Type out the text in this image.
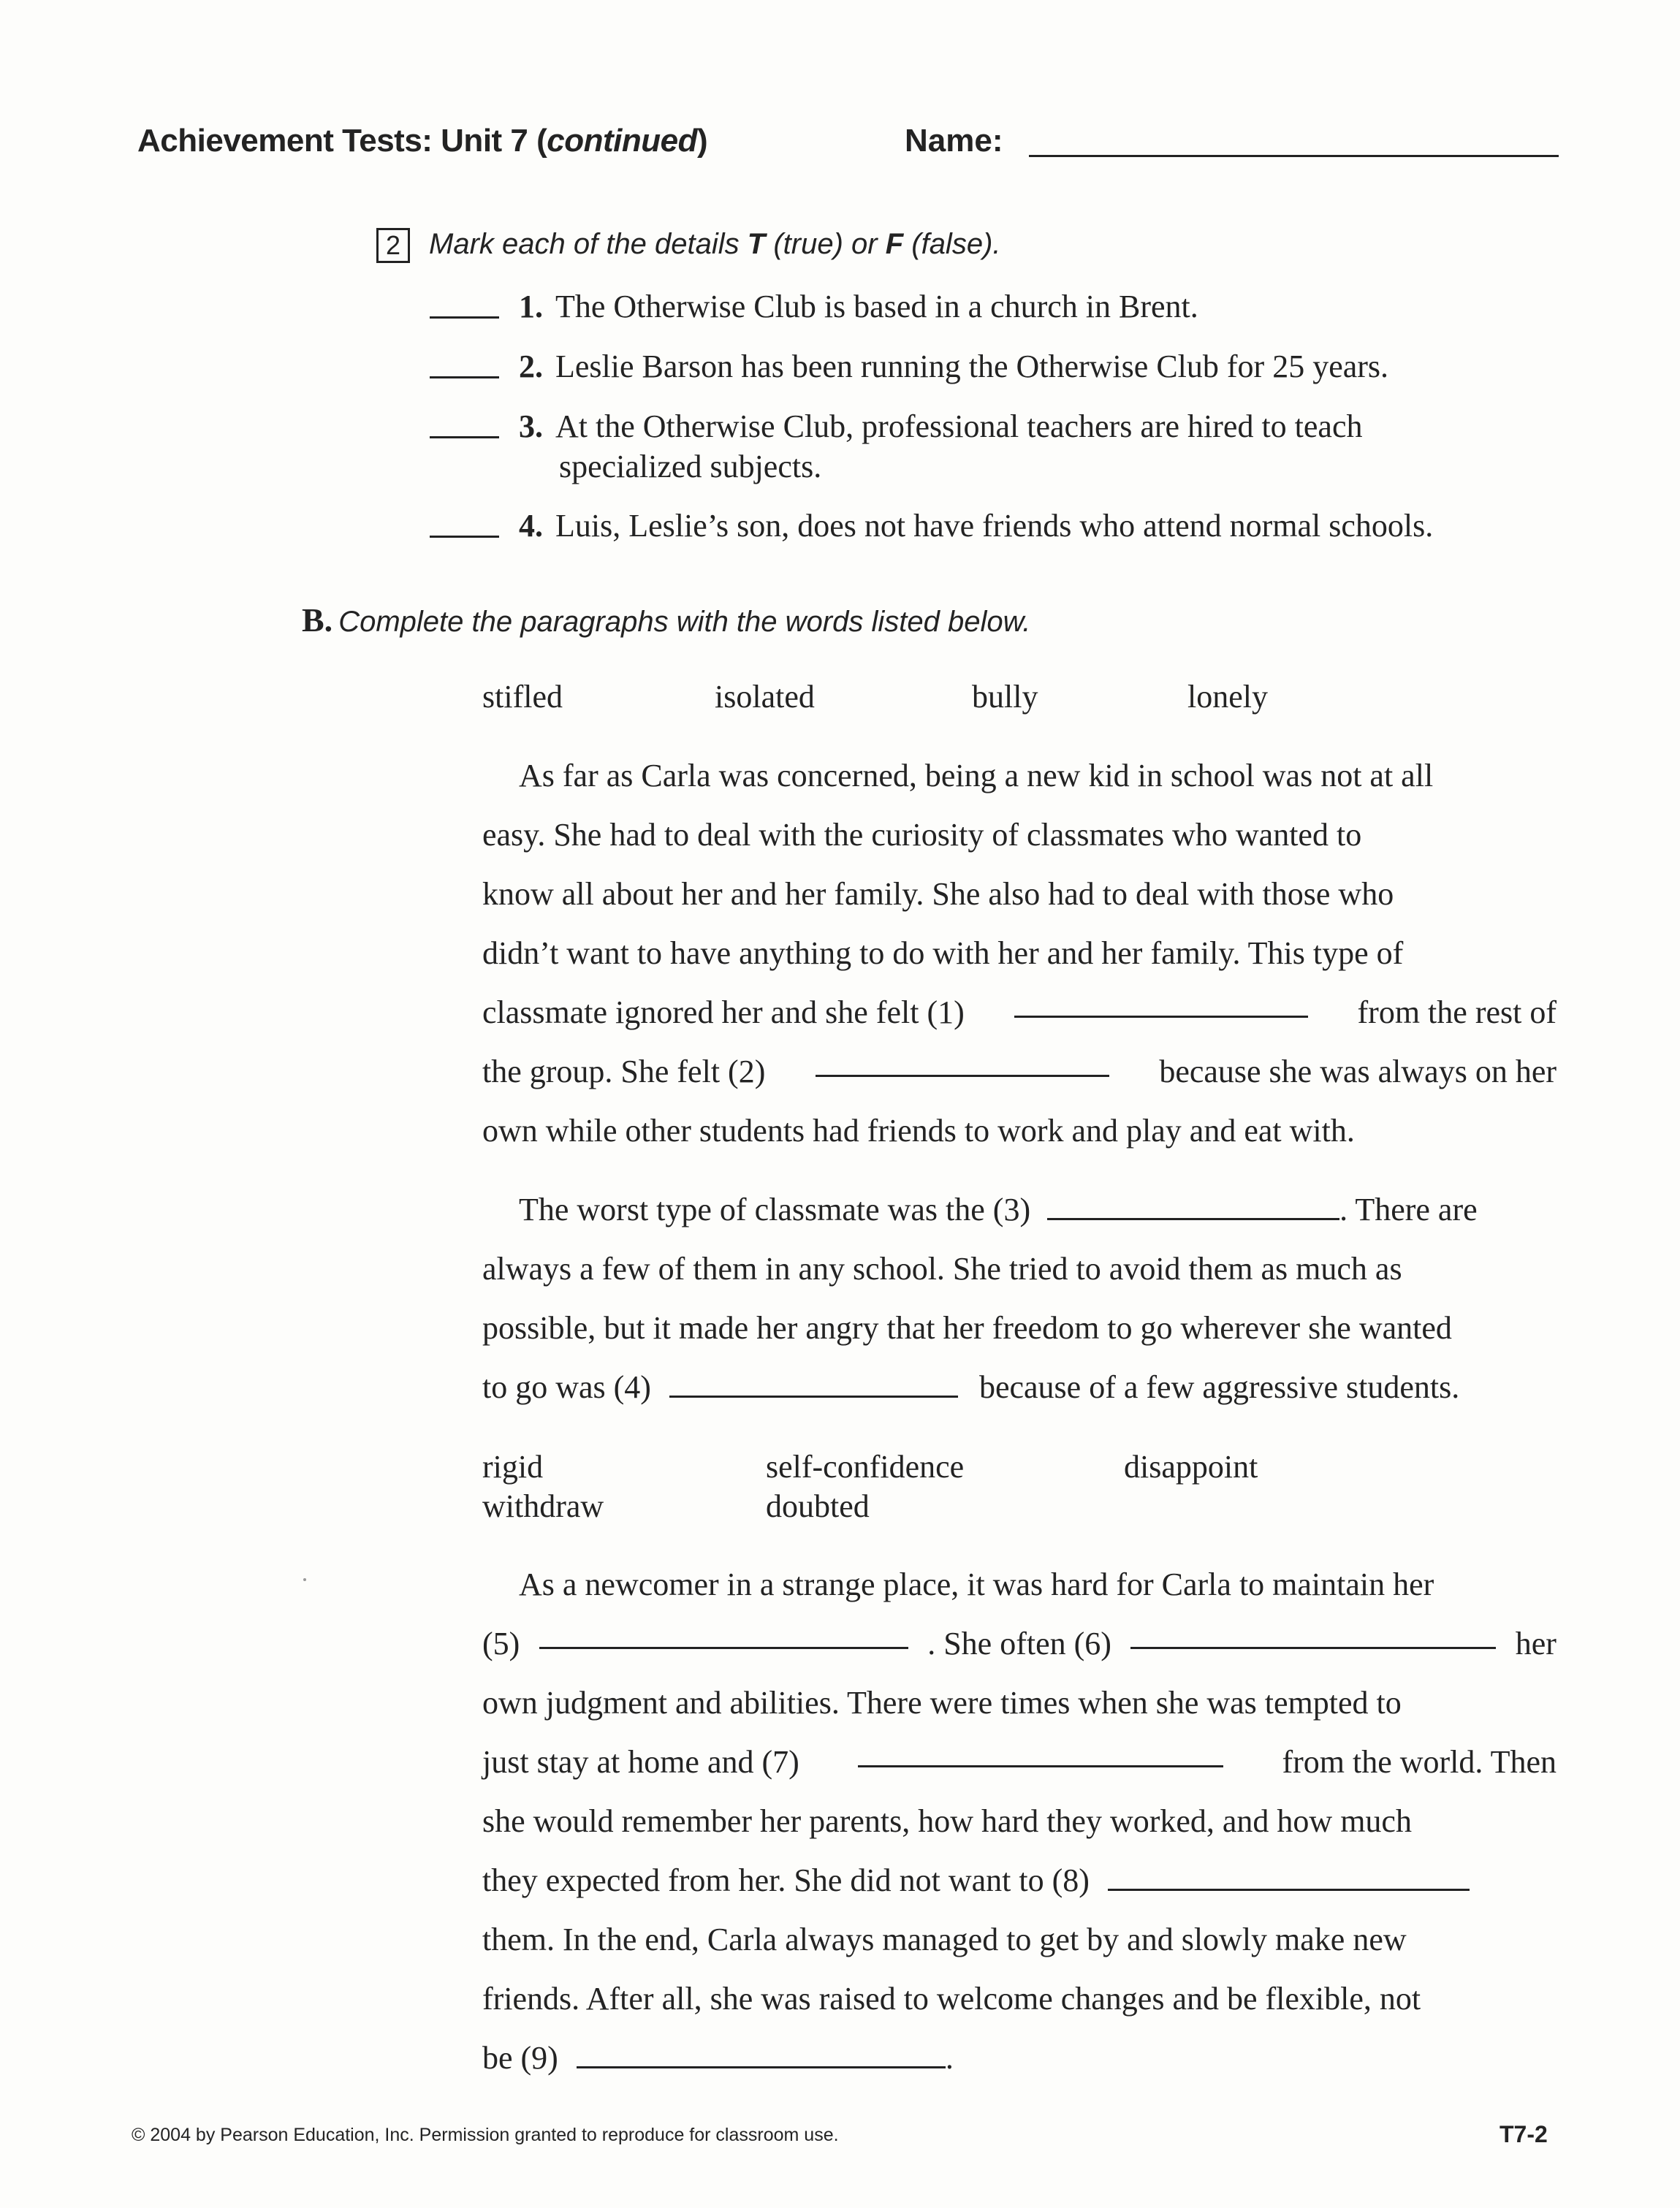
Achievement Tests: Unit 7 (continued)	Name:
2 Mark each of the details T (true) or F (false).
1. The Otherwise Club is based in a church in Brent.
2. Leslie Barson has been running the Otherwise Club for 25 years.
3. At the Otherwise Club, professional teachers are hired to teach
specialized subjects.
4. Luis, Leslie’s son, does not have friends who attend normal schools.
B. Complete the paragraphs with the words listed below.
stifled	isolated	bully	lonely
As far as Carla was concerned, being a new kid in school was not at all
easy. She had to deal with the curiosity of classmates who wanted to
know all about her and her family. She also had to deal with those who
didn’t want to have anything to do with her and her family. This type of
classmate ignored her and she felt (1)	from the rest of
the group. She felt (2)	because she was always on her
own while other students had friends to work and play and eat with.
The worst type of classmate was the (3)	. There are
always a few of them in any school. She tried to avoid them as much as
possible, but it made her angry that her freedom to go wherever she wanted
to go was (4)	because of a few aggressive students.
rigid	self-confidence	disappoint
withdraw	doubted
As a newcomer in a strange place, it was hard for Carla to maintain her
(5)	. She often (6)	her
own judgment and abilities. There were times when she was tempted to
just stay at home and (7)	from the world. Then
she would remember her parents, how hard they worked, and how much
they expected from her. She did not want to (8)
them. In the end, Carla always managed to get by and slowly make new
friends. After all, she was raised to welcome changes and be flexible, not
be (9)	.
© 2004 by Pearson Education, Inc. Permission granted to reproduce for classroom use.	T7-2
